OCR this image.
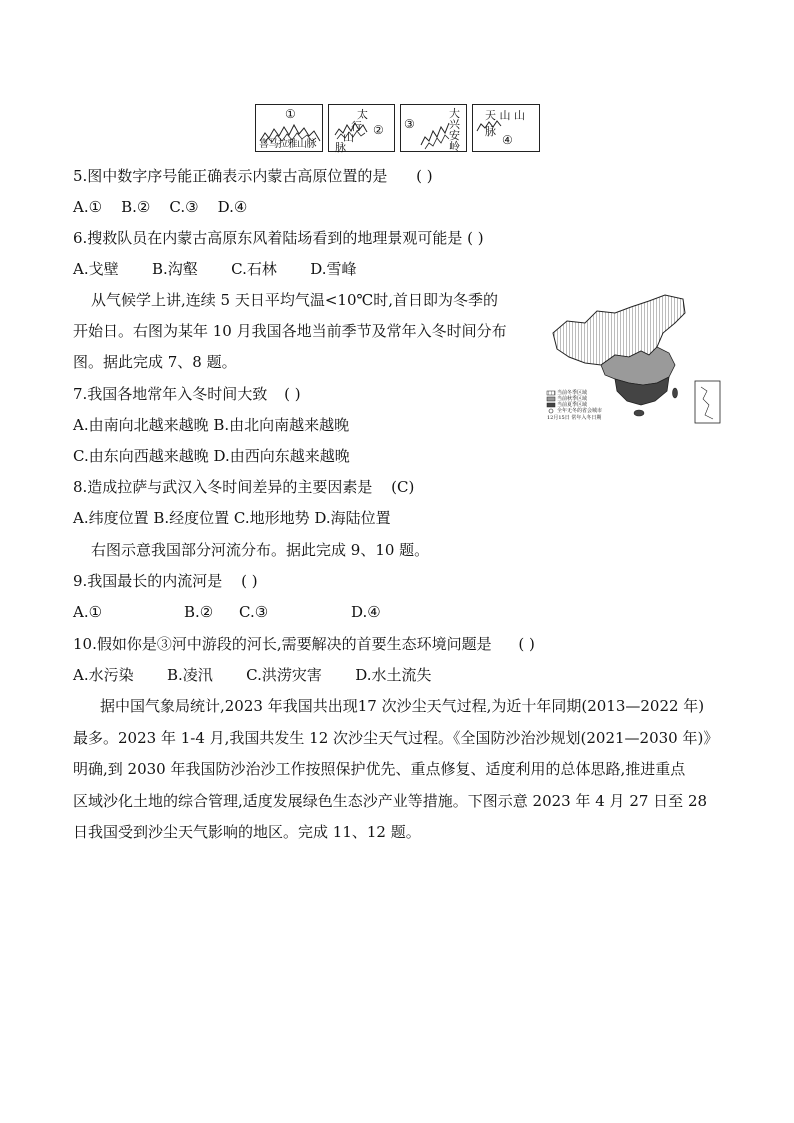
①
喜马拉雅山脉
太
行
山
脉
② ③
大
兴
安
岭
天 山 山 脉
④
5.图中数字序号能正确表示内蒙古高原位置的是 ( )
A.①    B.②    C.③    D.④
6.搜救队员在内蒙古高原东风着陆场看到的地理景观可能是 ( )
A.戈壁       B.沟壑       C.石林       D.雪峰
从气候学上讲,连续 5 天日平均气温<10℃时,首日即为冬季的
开始日。右图为某年 10 月我国各地当前季节及常年入冬时间分布
图。据此完成 7、8 题。
当前冬季区域
当前秋季区域
当前夏季区域
全年无冬的省会城市
12月15日 常年入冬日期
7.我国各地常年入冬时间大致 ( )
A.由南向北越来越晚 B.由北向南越来越晚
C.由东向西越来越晚 D.由西向东越来越晚
8.造成拉萨与武汉入冬时间差异的主要因素是 (C)
A.纬度位置 B.经度位置 C.地形地势 D.海陆位置
右图示意我国部分河流分布。据此完成 9、10 题。
9.我国最长的内流河是 ( )
A.①	B.② C.③	D.④
10.假如你是③河中游段的河长,需要解决的首要生态环境问题是 ( )
A.水污染       B.凌汛       C.洪涝灾害       D.水土流失
据中国气象局统计,2023 年我国共出现17 次沙尘天气过程,为近十年同期(2013—2022 年)
最多。2023 年 1-4 月,我国共发生 12 次沙尘天气过程。《全国防沙治沙规划(2021—2030 年)》
明确,到 2030 年我国防沙治沙工作按照保护优先、重点修复、适度利用的总体思路,推进重点
区域沙化土地的综合管理,适度发展绿色生态沙产业等措施。下图示意 2023 年 4 月 27 日至 28
日我国受到沙尘天气影响的地区。完成 11、12 题。
